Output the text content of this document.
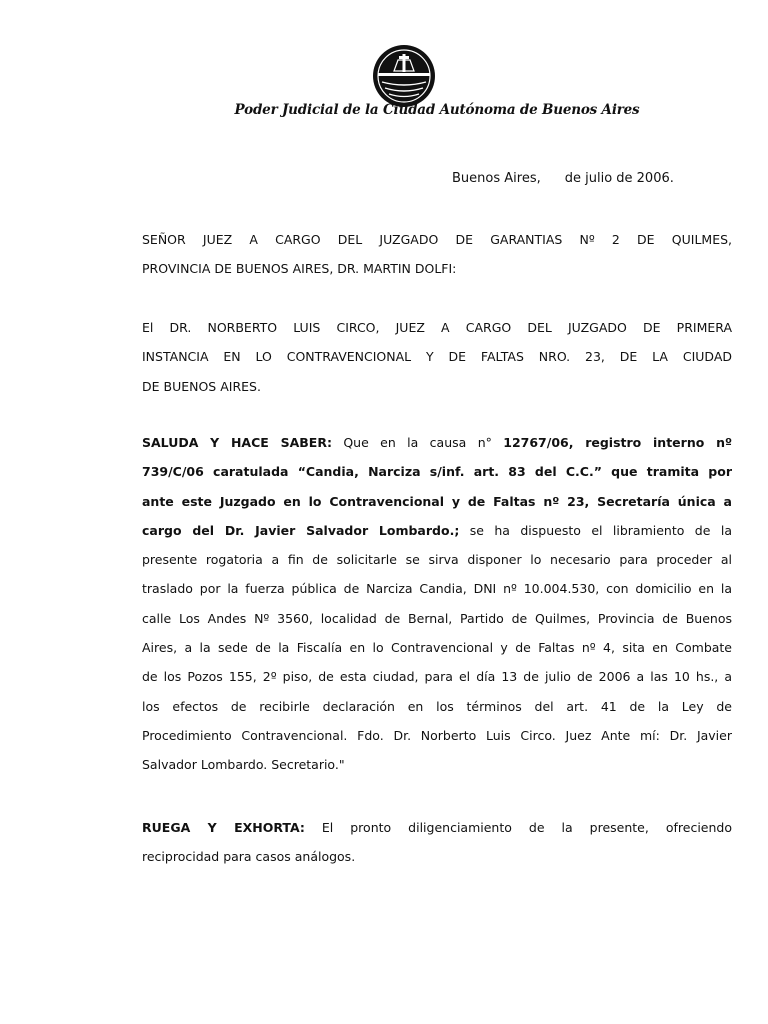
Poder Judicial de la Ciudad Autónoma de Buenos Aires
Buenos Aires, de julio de 2006.
SEÑOR JUEZ A CARGO DEL JUZGADO DE GARANTIAS Nº 2 DE QUILMES,
PROVINCIA DE BUENOS AIRES, DR. MARTIN DOLFI:
El DR. NORBERTO LUIS CIRCO, JUEZ A CARGO DEL JUZGADO DE PRIMERA
INSTANCIA EN LO CONTRAVENCIONAL Y DE FALTAS NRO. 23, DE LA CIUDAD
DE BUENOS AIRES.
SALUDA Y HACE SABER: Que en la causa n° 12767/06, registro interno nº
739/C/06 caratulada “Candia, Narciza s/inf. art. 83 del C.C.” que tramita por
ante este Juzgado en lo Contravencional y de Faltas nº 23, Secretaría única a
cargo del Dr. Javier Salvador Lombardo.; se ha dispuesto el libramiento de la
presente rogatoria a fin de solicitarle se sirva disponer lo necesario para proceder al
traslado por la fuerza pública de Narciza Candia, DNI nº 10.004.530, con domicilio en la
calle Los Andes Nº 3560, localidad de Bernal, Partido de Quilmes, Provincia de Buenos
Aires, a la sede de la Fiscalía en lo Contravencional y de Faltas nº 4, sita en Combate
de los Pozos 155, 2º piso, de esta ciudad, para el día 13 de julio de 2006 a las 10 hs., a
los efectos de recibirle declaración en los términos del art. 41 de la Ley de
Procedimiento Contravencional. Fdo. Dr. Norberto Luis Circo. Juez Ante mí: Dr. Javier
Salvador Lombardo. Secretario."
RUEGA Y EXHORTA: El pronto diligenciamiento de la presente, ofreciendo
reciprocidad para casos análogos.
